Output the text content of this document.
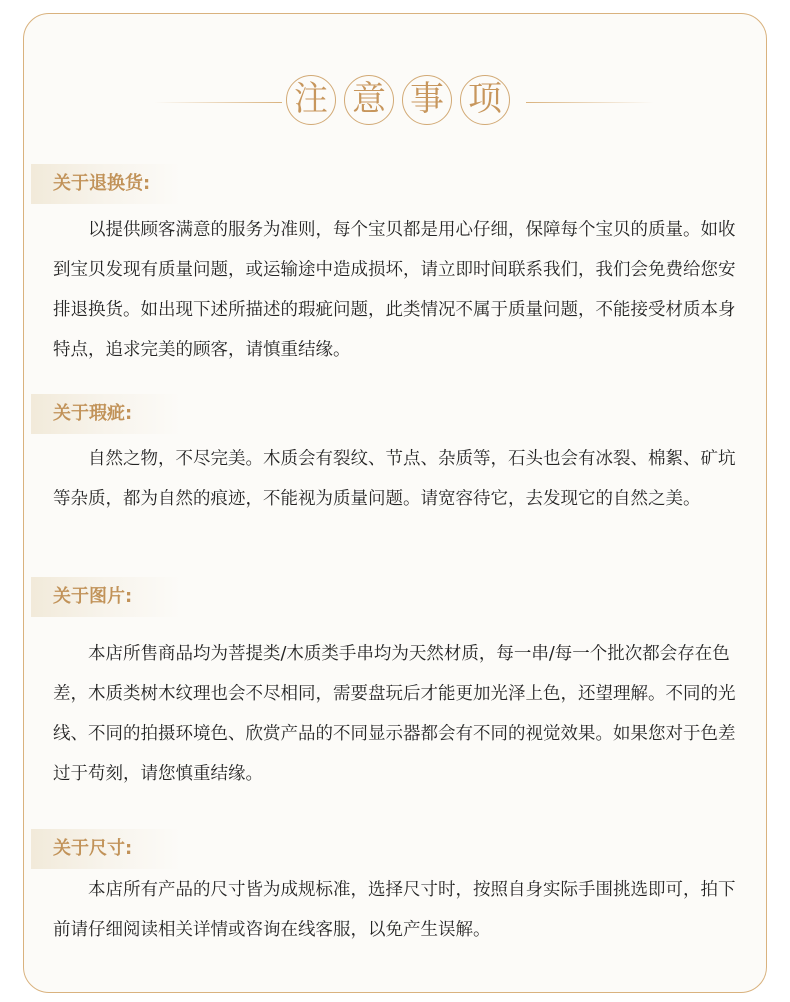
注 意 事 项
关于退换货:

以提供顾客满意的服务为准则，每个宝贝都是用心仔细，保障每个宝贝的质量。如收到宝贝发现有质量问题，或运输途中造成损坏，请立即时间联系我们，我们会免费给您安排退换货。如出现下述所描述的瑕疵问题，此类情况不属于质量问题，不能接受材质本身特点，追求完美的顾客，请慎重结缘。

关于瑕疵:

自然之物，不尽完美。木质会有裂纹、节点、杂质等，石头也会有冰裂、棉絮、矿坑等杂质，都为自然的痕迹，不能视为质量问题。请宽容待它，去发现它的自然之美。

关于图片:

本店所售商品均为菩提类/木质类手串均为天然材质，每一串/每一个批次都会存在色差，木质类树木纹理也会不尽相同，需要盘玩后才能更加光泽上色，还望理解。不同的光线、不同的拍摄环境色、欣赏产品的不同显示器都会有不同的视觉效果。如果您对于色差过于苟刻，请您慎重结缘。

关于尺寸:

本店所有产品的尺寸皆为成规标准，选择尺寸时，按照自身实际手围挑选即可，拍下前请仔细阅读相关详情或咨询在线客服，以免产生误解。
